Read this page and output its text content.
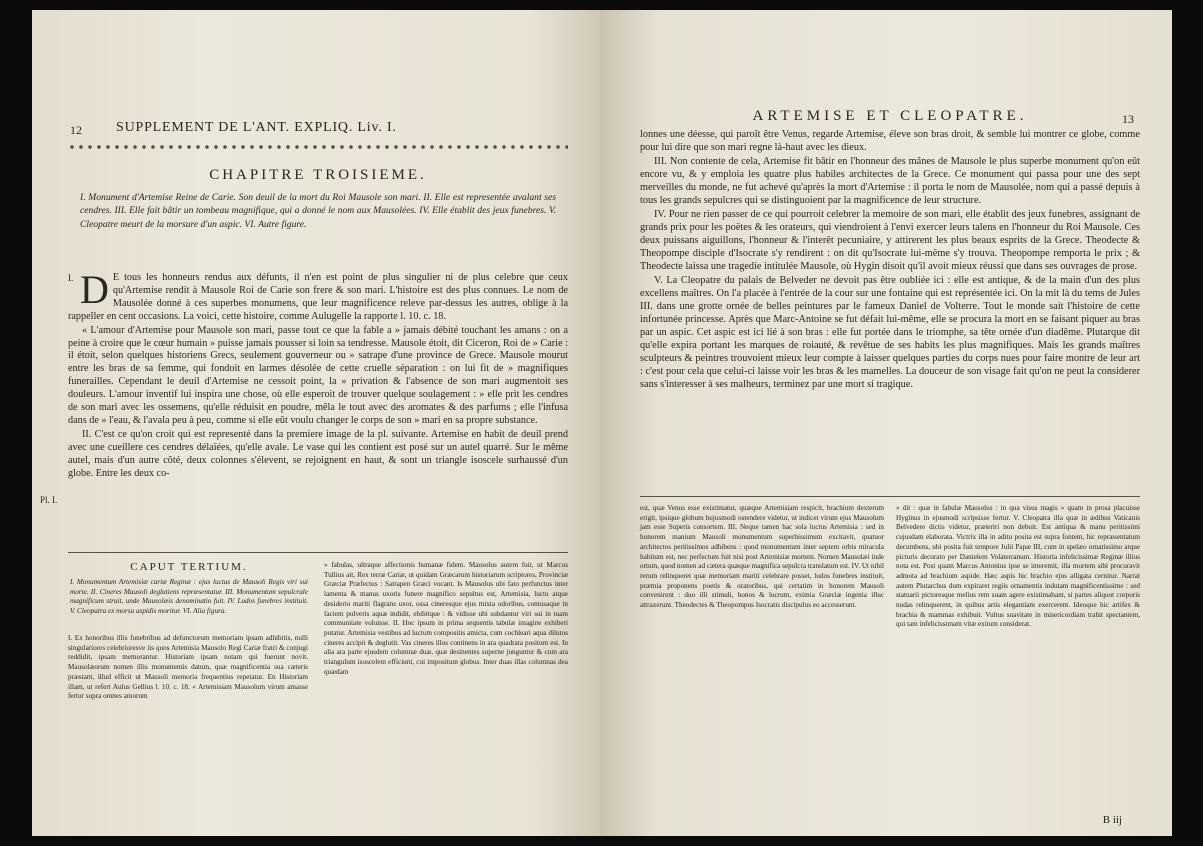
12 SUPPLEMENT DE L'ANT. EXPLIQ. Liv. I.
CHAPITRE TROISIEME.
I. Monument d'Artemise Reine de Carie. Son deuil de la mort du Roi Mausole son mari. II. Elle est representée avalant ses cendres. III. Elle fait bâtir un tombeau magnifique, qui a donné le nom aux Mausolées. IV. Elle établit des jeux funebres. V. Cleopatre meurt de la morsure d'un aspic. VI. Autre figure.
I.
Pl. I.

D E tous les honneurs rendus aux défunts, il n'en est point de plus singulier ni de plus celebre que ceux qu'Artemise rendit à Mausole Roi de Carie son frere & son mari. L'histoire est des plus connues. Le nom de Mausolée donné à ces superbes monumens, que leur magnificence releve par-dessus les autres, oblige à la rappeller en cent occasions. La voici, cette histoire, comme Aulugelle la rapporte l. 10. c. 18.

« L'amour d'Artemise pour Mausole son mari, passe tout ce que la fable a » jamais débité touchant les amans : on a peine à croire que le cœur humain » puisse jamais pousser si loin sa tendresse. Mausole étoit, dit Ciceron, Roi de » Carie : il étoit, selon quelques historiens Grecs, seulement gouverneur ou » satrape d'une province de Grece. Mausole mourut entre les bras de sa femme, qui fondoit en larmes désolée de cette cruelle séparation : on lui fit de » magnifiques funerailles. Cependant le deuil d'Artemise ne cessoit point, la » privation & l'absence de son mari augmentoit ses douleurs. L'amour inventif lui inspira une chose, où elle esperoit de trouver quelque soulagement : » elle prit les cendres de son mari avec les ossemens, qu'elle réduisit en poudre, mêla le tout avec des aromates & des parfums ; elle l'infusa dans de » l'eau, & l'avala peu à peu, comme si elle eût voulu changer le corps de son » mari en sa propre substance.

II. C'est ce qu'on croit qui est representé dans la premiere image de la pl. suivante. Artemise en habit de deuil prend avec une cueillere ces cendres délaïées, qu'elle avale. Le vase qui les contient est posé sur un autel quarré. Sur le même autel, mais d'un autre côté, deux colonnes s'élevent, se rejoignent en haut, & sont un triangle isoscele surhaussé d'un globe. Entre les deux co-

CAPUT TERTIUM.
I. Monumentum Artemisiæ cariæ Reginæ : ejus luctus de Mausoli Regis viri sui morte. II. Cineres Mausoli deglutiens repræsentatur. III. Monumentum sepulcrale magnificum struit, unde Mausolæis denominatio fuit. IV. Ludos funebres instituit. V. Cleopatra ex morsu aspidis moritur. VI. Alia figura.
I. Ex honoribus illis funebribus ad defunctorum memoriam ipsam adhibitis, nulli singulariores celebrioresve iis quos Artemisia Mausolo Regi Cariæ fratri & conjugi reddidit, ipsam memorantur. Historiam ipsam notam qui fuerunt novit. Mausolæorum nomen illis monumentis datum, quæ magnificentia sua cæteris præstant, illud efficit ut Mausoli memoria frequentius repetatur. En Historiam illam, ut refert Aulus Gellius l. 10. c. 18. « Artemisiam Mausolum virum amasse fertur supra omnes amorum
» fabulas, ultraque affectionis humanæ fidem. Mausolus autem fuit, ut Marcus Tullius ait, Rex terræ Cariæ, ut quidam Græcarum historiarum scriptores, Provinciæ Græciæ Præfectus : Satrapen Græci vocant. Is Mausolus ubi fato perfunctus inter lamenta & manus uxoris funere magnifico sepultus est, Artemisia, luctu atque desiderio mariti flagrans uxor, ossa cineresque ejus mixta odoribus, contusaque in faciem pulveris aquæ indidit, ebibitque : & vidisse ubi subdantur viri sui in tuam communitate voluisse. II. Hoc ipsum in prima sequentis tabulæ imagine exhiberi putatur. Artemisia vestibus ad luctum compositis amicta, cum cochleari aqua dilutos cineres accipit & deglutit. Vas cineres illos continens in ara quadrata positum est. In alia ara parte ejusdem columnæ duæ, quæ desinentes superne junguntur & cum ara triangulum isoscelem efficiunt, cui impositum globus. Inter duas illas columnas dea quædam
ARTEMISE ET CLEOPATRE.	13

lonnes une déesse, qui paroît être Venus, regarde Artemise, éleve son bras droit, & semble lui montrer ce globe, comme pour lui dire que son mari regne là-haut avec les dieux.

III. Non contente de cela, Artemise fit bâtir en l'honneur des mânes de Mausole le plus superbe monument qu'on eût encore vu, & y emploia les quatre plus habiles architectes de la Grece. Ce monument qui passa pour une des sept merveilles du monde, ne fut achevé qu'après la mort d'Artemise : il porta le nom de Mausolée, nom qui a passé depuis à tous les grands sepulcres qui se distinguoient par la magnificence de leur structure.

IV. Pour ne rien passer de ce qui pourroit celebrer la memoire de son mari, elle établit des jeux funebres, assignant de grands prix pour les poëtes & les orateurs, qui viendroient à l'envi exercer leurs talens en l'honneur du Roi Mausole. Ces deux puissans aiguillons, l'honneur & l'interêt pecuniaire, y attirerent les plus beaux esprits de la Grece. Theodecte & Theopompe disciple d'Isocrate s'y rendirent : on dit qu'Isocrate lui-même s'y trouva. Theopompe remporta le prix ; & Theodecte laissa une tragedie intitulée Mausole, où Hygin disoit qu'il avoit mieux réussi que dans ses ouvrages de prose.

V. La Cleopatre du palais de Belveder ne devoit pas être oubliée ici : elle est antique, & de la main d'un des plus excellens maîtres. On l'a placée à l'entrée de la cour sur une fontaine qui est représentée ici. On la mit là du tems de Jules III. dans une grotte ornée de belles peintures par le fameux Daniel de Volterre. Tout le monde sait l'histoire de cette infortunée princesse. Après que Marc-Antoine se fut défait lui-même, elle se procura la mort en se faisant piquer au bras par un aspic. Cet aspic est ici lié à son bras : elle fut portée dans le triomphe, sa tête ornée d'un diadême. Plutarque dit qu'elle expira portant les marques de roiauté, & revêtue de ses habits les plus magnifiques. Mais les grands maîtres sculpteurs & peintres trouvoient mieux leur compte à laisser quelques parties du corps nues pour faire montre de leur art : c'est pour cela que celui-ci laisse voir les bras & les mamelles. La douceur de son visage fait qu'on ne peut la considerer sans s'interesser à ses malheurs, terminez par une mort si tragique.

est, quæ Venus esse existimatur, quæque Artemisiam respicit, brachium dexterum erigit, ipsique globum hujusmodi ostendere videtur, ut indicet virum ejus Mausolum jam esse Superis consortem. III. Neque tamen hac sola luctus Artemisia : sed in honorem manium Mausoli monumentum superbissimum excitavit, quatuor architectos peritissimos adhibens : quod monumentum inter septem orbis miracula habitum est, nec perfectum fuit nisi post Artemisiæ mortem. Nomen Mausolæi inde ortum, quod nomen ad cætera quæque magnifica sepulcra translatum est. IV. Ut nihil rerum relinqueret quæ memoriam mariti celebrare posset, ludos funebres instituit, præmia proponens poetis & oratoribus, qui certatim in honorem Mausoli convenirent : duo illi stimuli, honos & lucrum, eximia Græciæ ingenia illuc attraxerunt. Theodectes & Theopompus Isocratis discipulus eo accesserunt.
» dit : quæ in fabulæ Mausolus : in qua visus magis » quam in prosa placuisse Hyginus in ejusmodi scripsisse fertur. V. Cleopatra illa quæ in ædibus Vaticanis Belvedere dictis videtur, præteriri non debuit. Est antiqua & manu peritissimi cujusdam elaborata. Victrix illa in aditu posita est supra fontem, hic repræsentatum decumbens, ubi posita fuit tempore Julii Papæ III, cum in spelæo ornatissimo atque picturis decorato per Danielem Volaterranum. Historia infelicissimæ Reginæ illius nota est. Post quam Marcus Antonius ipse se interemit, illa mortem sibi procuravit admota ad brachium aspide. Hæc aspis hic brachio ejus alligata cernitur. Narrat autem Plutarchus dum expiraret regiis ornamentis indutam magnificentissime : sed statuarii pictoresque melius rem suam agere existimabant, si partes aliquot corporis nudas relinquerent, in quibus artis elegantiam exercerent. Ideoque hic artifex & brachia & mammas exhibuit. Vultus suavitate in misericordiam trahit spectantem, qui tam infelicissimam vitæ exitum considerat.
B iij
